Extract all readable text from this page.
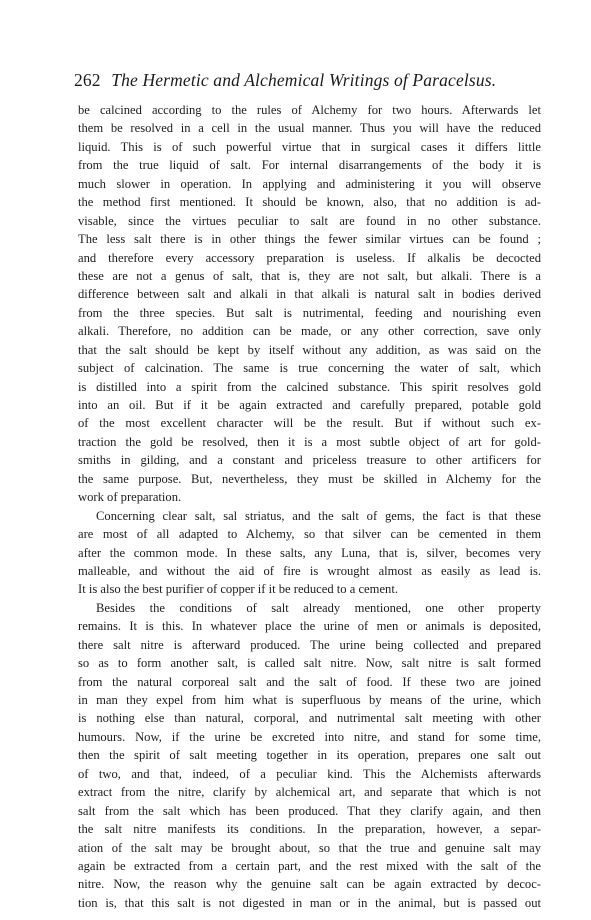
262 The Hermetic and Alchemical Writings of Paracelsus.
be calcined according to the rules of Alchemy for two hours. Afterwards let
them be resolved in a cell in the usual manner. Thus you will have the reduced
liquid. This is of such powerful virtue that in surgical cases it differs little
from the true liquid of salt. For internal disarrangements of the body it is
much slower in operation. In applying and administering it you will observe
the method first mentioned. It should be known, also, that no addition is ad-
visable, since the virtues peculiar to salt are found in no other substance.
The less salt there is in other things the fewer similar virtues can be found ;
and therefore every accessory preparation is useless. If alkalis be decocted
these are not a genus of salt, that is, they are not salt, but alkali. There is a
difference between salt and alkali in that alkali is natural salt in bodies derived
from the three species. But salt is nutrimental, feeding and nourishing even
alkali. Therefore, no addition can be made, or any other correction, save only
that the salt should be kept by itself without any addition, as was said on the
subject of calcination. The same is true concerning the water of salt, which
is distilled into a spirit from the calcined substance. This spirit resolves gold
into an oil. But if it be again extracted and carefully prepared, potable gold
of the most excellent character will be the result. But if without such ex-
traction the gold be resolved, then it is a most subtle object of art for gold-
smiths in gilding, and a constant and priceless treasure to other artificers for
the same purpose. But, nevertheless, they must be skilled in Alchemy for the
work of preparation.
Concerning clear salt, sal striatus, and the salt of gems, the fact is that these
are most of all adapted to Alchemy, so that silver can be cemented in them
after the common mode. In these salts, any Luna, that is, silver, becomes very
malleable, and without the aid of fire is wrought almost as easily as lead is.
It is also the best purifier of copper if it be reduced to a cement.
Besides the conditions of salt already mentioned, one other property
remains. It is this. In whatever place the urine of men or animals is deposited,
there salt nitre is afterward produced. The urine being collected and prepared
so as to form another salt, is called salt nitre. Now, salt nitre is salt formed
from the natural corporeal salt and the salt of food. If these two are joined
in man they expel from him what is superfluous by means of the urine, which
is nothing else than natural, corporal, and nutrimental salt meeting with other
humours. Now, if the urine be excreted into nitre, and stand for some time,
then the spirit of salt meeting together in its operation, prepares one salt out
of two, and that, indeed, of a peculiar kind. This the Alchemists afterwards
extract from the nitre, clarify by alchemical art, and separate that which is not
salt from the salt which has been produced. That they clarify again, and then
the salt nitre manifests its conditions. In the preparation, however, a separ-
ation of the salt may be brought about, so that the true and genuine salt may
again be extracted from a certain part, and the rest mixed with the salt of the
nitre. Now, the reason why the genuine salt can be again extracted by decoc-
tion is, that this salt is not digested in man or in the animal, but is passed out
